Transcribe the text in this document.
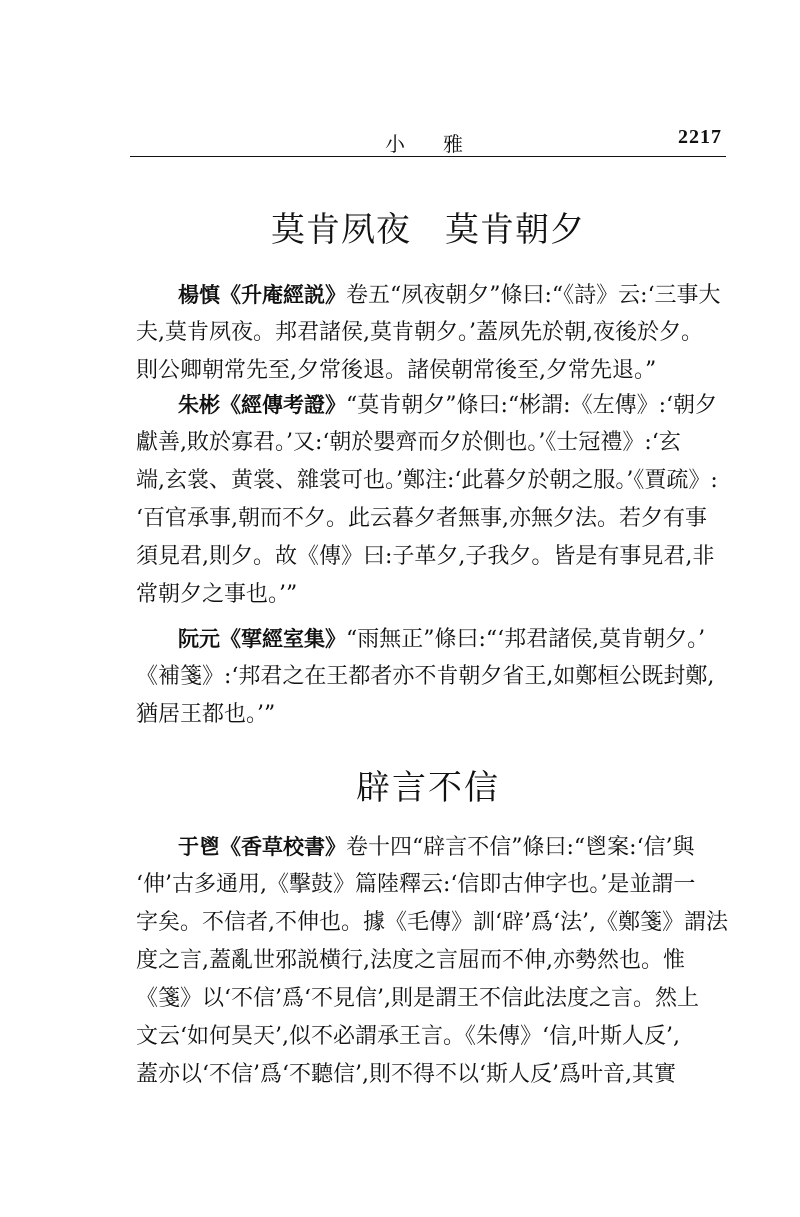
小雅	2217
莫肯夙夜 莫肯朝夕
楊慎《升庵經説》卷五“夙夜朝夕”條曰:“《詩》云:‘三事大
夫,莫肯夙夜。邦君諸侯,莫肯朝夕。’蓋夙先於朝,夜後於夕。
則公卿朝常先至,夕常後退。諸侯朝常後至,夕常先退。”
朱彬《經傳考證》“莫肯朝夕”條曰:“彬謂:《左傳》:‘朝夕
獻善,敗於寡君。’又:‘朝於嬰齊而夕於側也。’《士冠禮》:‘玄
端,玄裳、黄裳、雜裳可也。’鄭注:‘此暮夕於朝之服。’《賈疏》:
‘百官承事,朝而不夕。此云暮夕者無事,亦無夕法。若夕有事
須見君,則夕。故《傳》曰:子革夕,子我夕。皆是有事見君,非
常朝夕之事也。’”
阮元《揅經室集》“雨無正”條曰:“‘邦君諸侯,莫肯朝夕。’
《補箋》:‘邦君之在王都者亦不肯朝夕省王,如鄭桓公既封鄭,
猶居王都也。’”
辟言不信
于鬯《香草校書》卷十四“辟言不信”條曰:“鬯案:‘信’與
‘伸’古多通用,《擊鼓》篇陸釋云:‘信即古伸字也。’是並謂一
字矣。不信者,不伸也。據《毛傳》訓‘辟’爲‘法’,《鄭箋》謂法
度之言,蓋亂世邪説横行,法度之言屈而不伸,亦勢然也。惟
《箋》以‘不信’爲‘不見信’,則是謂王不信此法度之言。然上
文云‘如何昊天’,似不必謂承王言。《朱傳》‘信,叶斯人反’,
蓋亦以‘不信’爲‘不聽信’,則不得不以‘斯人反’爲叶音,其實
